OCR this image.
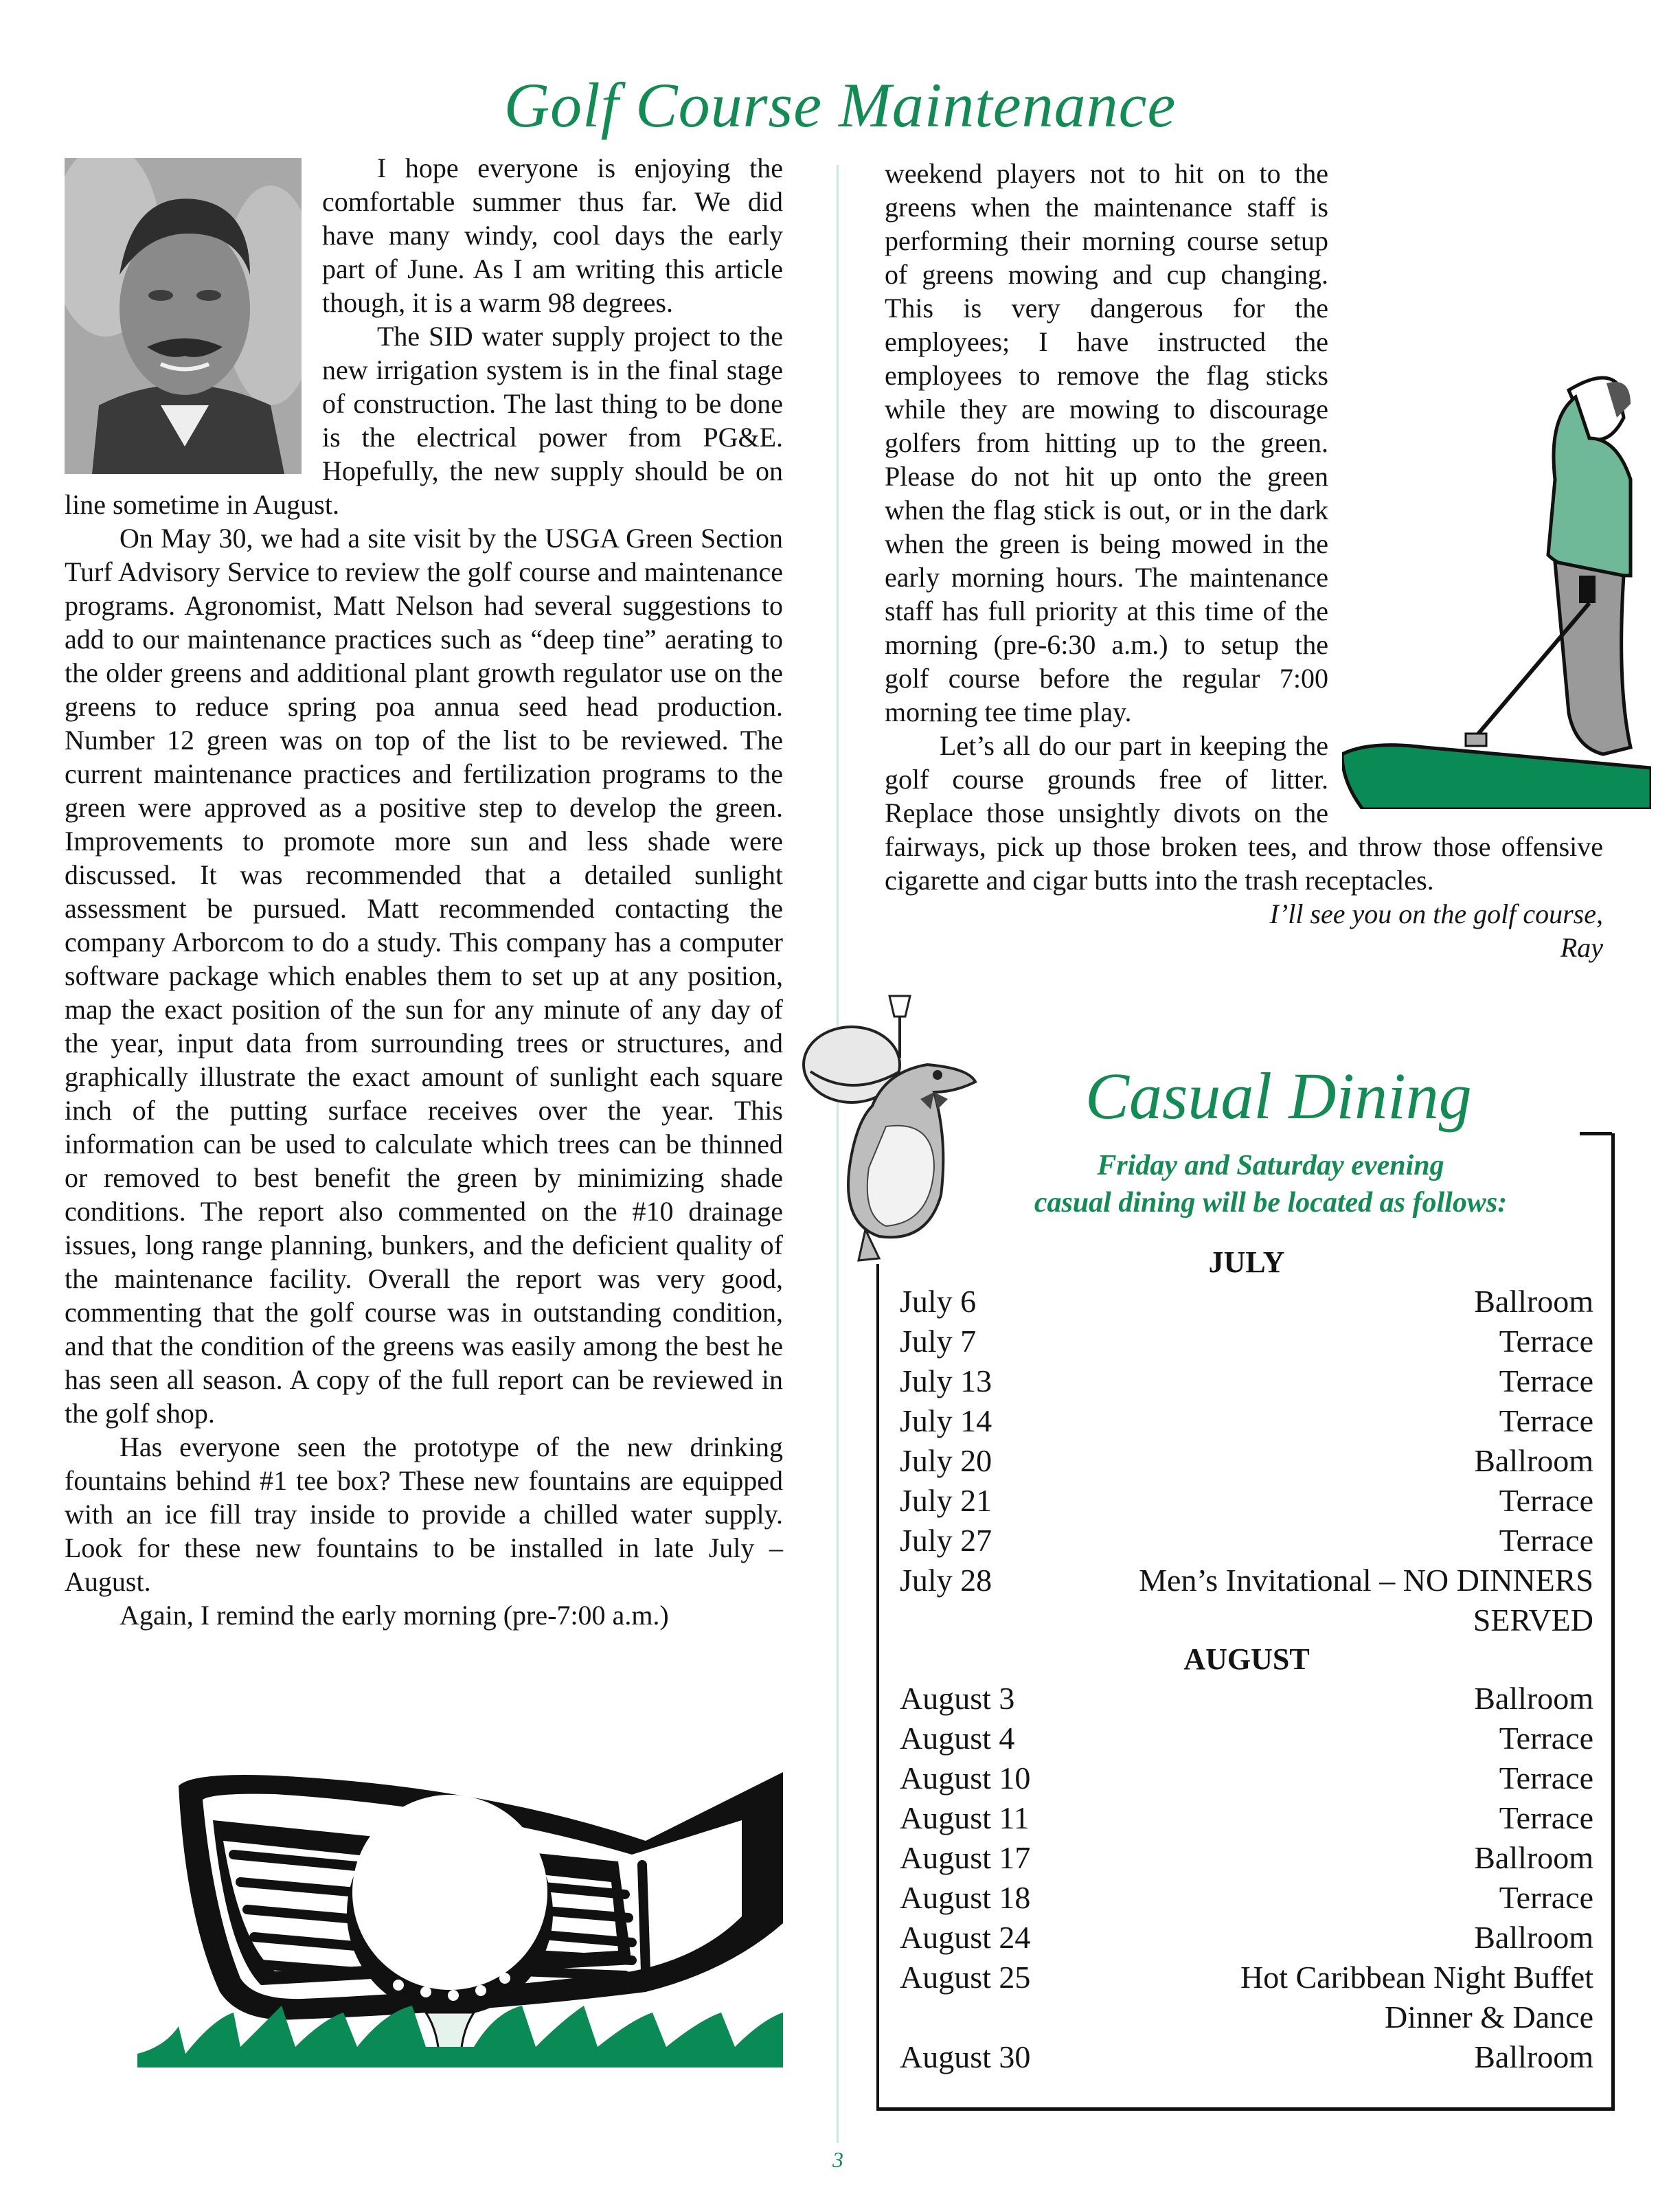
Golf Course Maintenance

I hope everyone is enjoying the comfortable summer thus far. We did have many windy, cool days the early part of June. As I am writing this article though, it is a warm 98 degrees.

The SID water supply project to the new irrigation system is in the final stage of construction. The last thing to be done is the electrical power from PG&E. Hopefully, the new supply should be on line sometime in August.

On May 30, we had a site visit by the USGA Green Section Turf Advisory Service to review the golf course and maintenance programs. Agronomist, Matt Nelson had several suggestions to add to our maintenance practices such as “deep tine” aerating to the older greens and additional plant growth regulator use on the greens to reduce spring poa annua seed head production. Number 12 green was on top of the list to be reviewed. The current maintenance practices and fertilization programs to the green were approved as a positive step to develop the green. Improvements to promote more sun and less shade were discussed. It was recommended that a detailed sunlight assessment be pursued. Matt recommended contacting the company Arborcom to do a study. This company has a computer software package which enables them to set up at any position, map the exact position of the sun for any minute of any day of the year, input data from surrounding trees or structures, and graphically illustrate the exact amount of sunlight each square inch of the putting surface receives over the year. This information can be used to calculate which trees can be thinned or removed to best benefit the green by minimizing shade conditions. The report also commented on the #10 drainage issues, long range planning, bunkers, and the deficient quality of the maintenance facility. Overall the report was very good, commenting that the golf course was in outstanding condition, and that the condition of the greens was easily among the best he has seen all season. A copy of the full report can be reviewed in the golf shop.

Has everyone seen the prototype of the new drinking fountains behind #1 tee box? These new fountains are equipped with an ice fill tray inside to provide a chilled water supply. Look for these new fountains to be installed in late July – August.

Again, I remind the early morning (pre-7:00 a.m.)

weekend players not to hit on to the greens when the maintenance staff is performing their morning course setup of greens mowing and cup changing. This is very dangerous for the employees; I have instructed the employees to remove the flag sticks while they are mowing to discourage golfers from hitting up to the green. Please do not hit up onto the green when the flag stick is out, or in the dark when the green is being mowed in the early morning hours. The maintenance staff has full priority at this time of the morning (pre-6:30 a.m.) to setup the golf course before the regular 7:00 morning tee time play.

Let’s all do our part in keeping the golf course grounds free of litter. Replace those unsightly divots on the fairways, pick up those broken tees, and throw those offensive cigarette and cigar butts into the trash receptacles.

I’ll see you on the golf course,

Ray

Casual Dining
Friday and Saturday evening
casual dining will be located as follows:
JULY
July 6	Ballroom
July 7	Terrace
July 13	Terrace
July 14	Terrace
July 20	Ballroom
July 21	Terrace
July 27	Terrace
July 28	Men’s Invitational – NO DINNERS
SERVED
AUGUST
August 3	Ballroom
August 4	Terrace
August 10	Terrace
August 11	Terrace
August 17	Ballroom
August 18	Terrace
August 24	Ballroom
August 25	Hot Caribbean Night Buffet
Dinner & Dance
August 30	Ballroom
3
